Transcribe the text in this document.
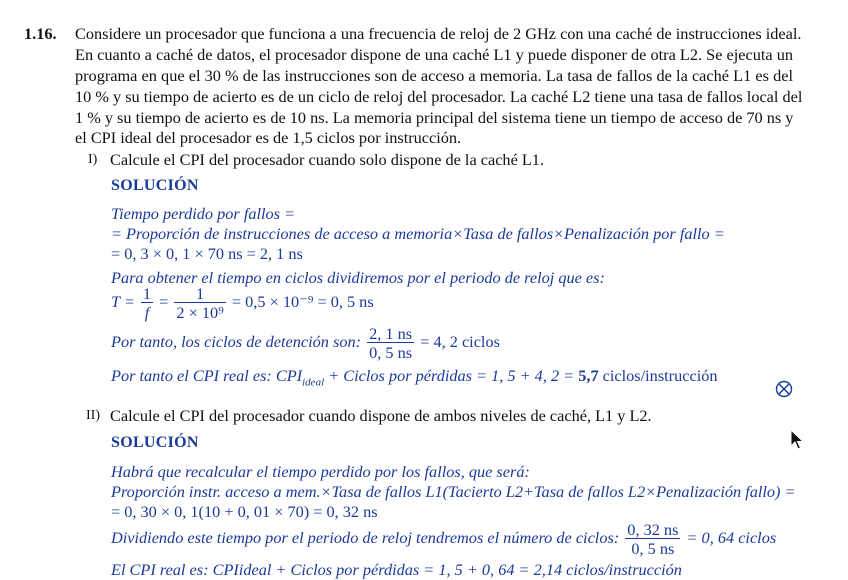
1.16. Considere un procesador que funciona a una frecuencia de reloj de 2 GHz con una caché de instrucciones ideal.
En cuanto a caché de datos, el procesador dispone de una caché L1 y puede disponer de otra L2. Se ejecuta un
programa en que el 30 % de las instrucciones son de acceso a memoria. La tasa de fallos de la caché L1 es del
10 % y su tiempo de acierto es de un ciclo de reloj del procesador. La caché L2 tiene una tasa de fallos local del
1 % y su tiempo de acierto es de 10 ns. La memoria principal del sistema tiene un tiempo de acceso de 70 ns y
el CPI ideal del procesador es de 1,5 ciclos por instrucción.
I) Calcule el CPI del procesador cuando solo dispone de la caché L1.
SOLUCIÓN
Tiempo perdido por fallos =
= Proporción de instrucciones de acceso a memoria×Tasa de fallos×Penalización por fallo =
= 0, 3 × 0, 1 × 70 ns = 2, 1 ns
Para obtener el tiempo en ciclos dividiremos por el periodo de reloj que es:
$T = \frac{1}{f} = \frac{1}{\text{2 × 10⁹}} = 0,5 \times 10^{-9} = 0$, 5 ns
Por tanto, los ciclos de detención son: $\frac{2, 1 ns}{0, 5 ns} = 4$, 2 ciclos
Por tanto el CPI real es: $CPI_{ideal}$ + Ciclos por pérdidas = 1, 5 + 4, 2 = 5,7 ciclos/instrucción
II) Calcule el CPI del procesador cuando dispone de ambos niveles de caché, L1 y L2.
SOLUCIÓN
Habrá que recalcular el tiempo perdido por los fallos, que será:
Proporción instr. acceso a mem.×Tasa de fallos L1(Tacierto L2+Tasa de fallos L2×Penalización fallo) =
= 0, 30 × 0, 1(10 + 0, 01 × 70) = 0, 32 ns
Dividiendo este tiempo por el periodo de reloj tendremos el número de ciclos: $\frac{0, 32 ns}{0, 5 ns} = 0$, 64 ciclos
El CPI real es: CPIideal + Ciclos por pérdidas = 1, 5 + 0, 64 = 2,14 ciclos/instrucción
